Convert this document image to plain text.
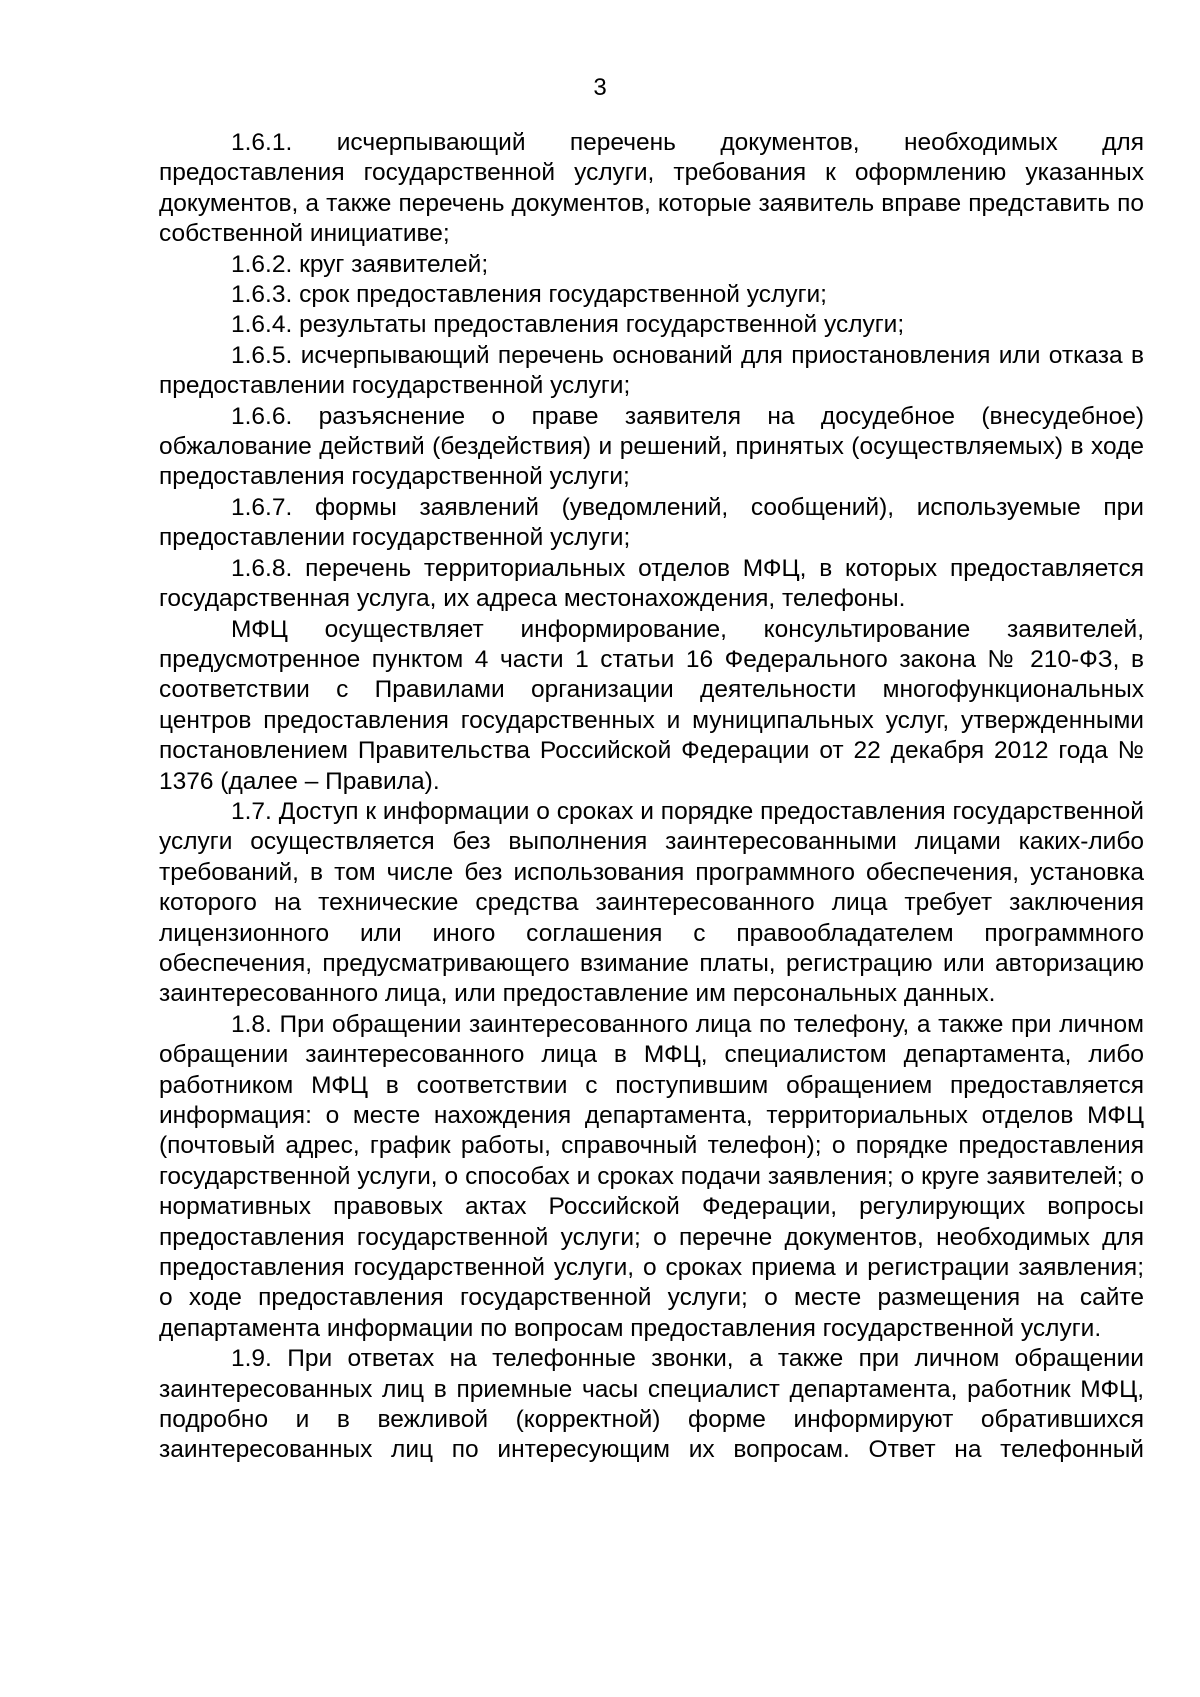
3

1.6.1. исчерпывающий перечень документов, необходимых для предоставления государственной услуги, требования к оформлению указанных документов, а также перечень документов, которые заявитель вправе представить по собственной инициативе;

1.6.2. круг заявителей;

1.6.3. срок предоставления государственной услуги;

1.6.4. результаты предоставления государственной услуги;

1.6.5. исчерпывающий перечень оснований для приостановления или отказа в предоставлении государственной услуги;

1.6.6. разъяснение о праве заявителя на досудебное (внесудебное) обжалование действий (бездействия) и решений, принятых (осуществляемых) в ходе предоставления государственной услуги;

1.6.7. формы заявлений (уведомлений, сообщений), используемые при предоставлении государственной услуги;

1.6.8. перечень территориальных отделов МФЦ, в которых предоставляется государственная услуга, их адреса местонахождения, телефоны.

МФЦ осуществляет информирование, консультирование заявителей, предусмотренное пунктом 4 части 1 статьи 16 Федерального закона № 210-ФЗ, в соответствии с Правилами организации деятельности многофункциональных центров предоставления государственных и муниципальных услуг, утвержденными постановлением Правительства Российской Федерации от 22 декабря 2012 года № 1376 (далее – Правила).

1.7. Доступ к информации о сроках и порядке предоставления государственной услуги осуществляется без выполнения заинтересованными лицами каких-либо требований, в том числе без использования программного обеспечения, установка которого на технические средства заинтересованного лица требует заключения лицензионного или иного соглашения с правообладателем программного обеспечения, предусматривающего взимание платы, регистрацию или авторизацию заинтересованного лица, или предоставление им персональных данных.

1.8. При обращении заинтересованного лица по телефону, а также при личном обращении заинтересованного лица в МФЦ, специалистом департамента, либо работником МФЦ в соответствии с поступившим обращением предоставляется информация: о месте нахождения департамента, территориальных отделов МФЦ (почтовый адрес, график работы, справочный телефон); о порядке предоставления государственной услуги, о способах и сроках подачи заявления; о круге заявителей; о нормативных правовых актах Российской Федерации, регулирующих вопросы предоставления государственной услуги; о перечне документов, необходимых для предоставления государственной услуги, о сроках приема и регистрации заявления; о ходе предоставления государственной услуги; о месте размещения на сайте департамента информации по вопросам предоставления государственной услуги.

1.9. При ответах на телефонные звонки, а также при личном обращении заинтересованных лиц в приемные часы специалист департамента, работник МФЦ, подробно и в вежливой (корректной) форме информируют обратившихся заинтересованных лиц по интересующим их вопросам. Ответ на телефонный
